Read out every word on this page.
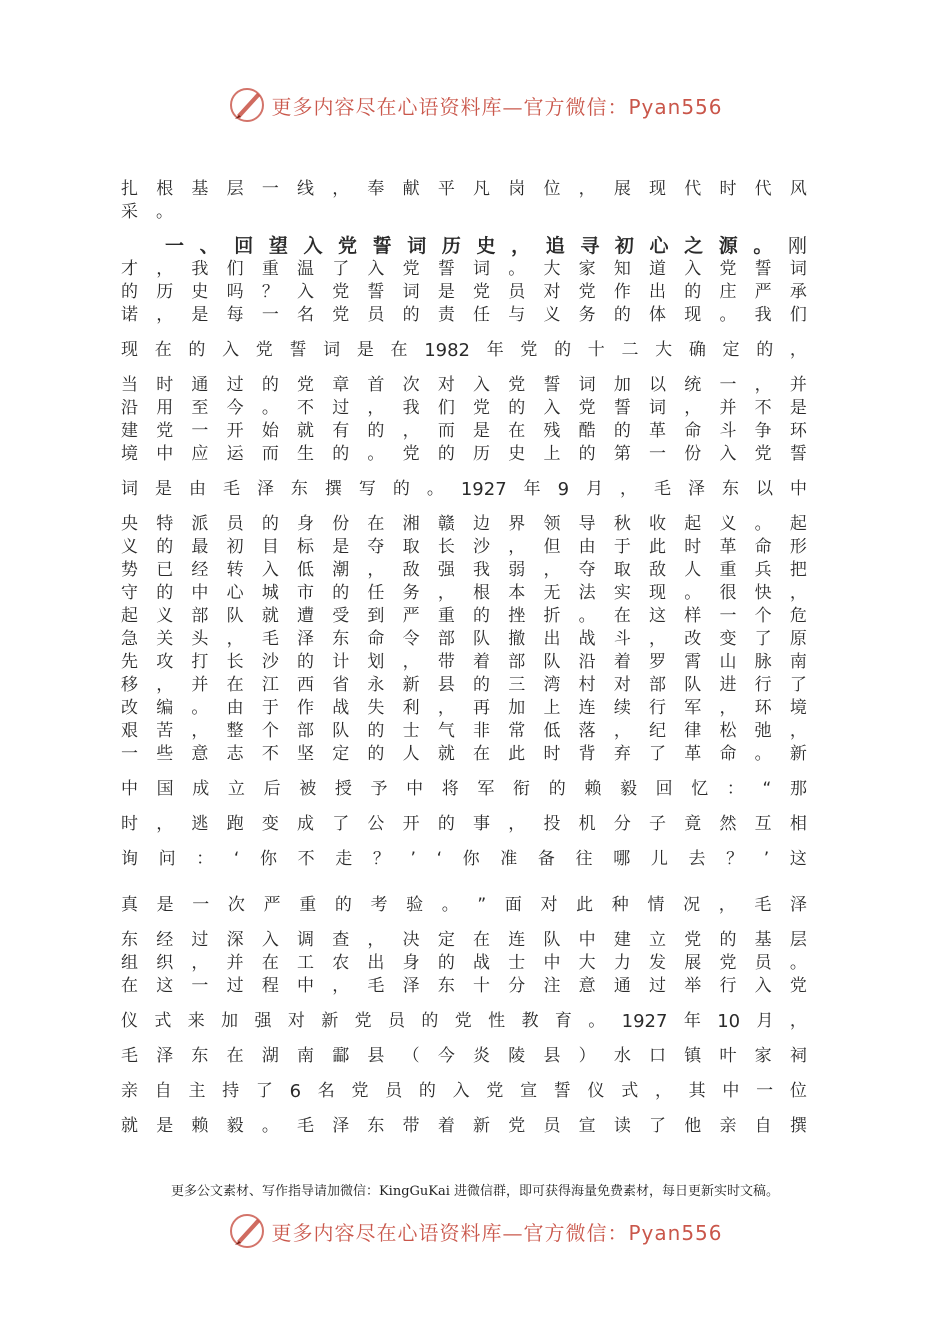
更多内容尽在心语资料库—官方微信：Pyan556
扎 根 基 层 一 线 ， 奉 献 平 凡 岗 位 ， 展 现 代 时 代 风
采 。
一 、 回 望 入 党 誓 词 历 史 ， 追 寻 初 心 之 源 。 刚
才 ， 我 们 重 温 了 入 党 誓 词 。 大 家 知 道 入 党 誓 词
的 历 史 吗 ？ 入 党 誓 词 是 党 员 对 党 作 出 的 庄 严 承
诺 ， 是 每 一 名 党 员 的 责 任 与 义 务 的 体 现 。 我 们
现 在 的 入 党 誓 词 是 在 1982 年 党 的 十 二 大 确 定 的 ，
当 时 通 过 的 党 章 首 次 对 入 党 誓 词 加 以 统 一 ， 并
沿 用 至 今 。 不 过 ， 我 们 党 的 入 党 誓 词 ， 并 不 是
建 党 一 开 始 就 有 的 ， 而 是 在 残 酷 的 革 命 斗 争 环
境 中 应 运 而 生 的 。 党 的 历 史 上 的 第 一 份 入 党 誓
词 是 由 毛 泽 东 撰 写 的 。 1927 年 9 月 ， 毛 泽 东 以 中
央 特 派 员 的 身 份 在 湘 赣 边 界 领 导 秋 收 起 义 。 起
义 的 最 初 目 标 是 夺 取 长 沙 ， 但 由 于 此 时 革 命 形
势 已 经 转 入 低 潮 ， 敌 强 我 弱 ， 夺 取 敌 人 重 兵 把
守 的 中 心 城 市 的 任 务 ， 根 本 无 法 实 现 。 很 快 ，
起 义 部 队 就 遭 受 到 严 重 的 挫 折 。 在 这 样 一 个 危
急 关 头 ， 毛 泽 东 命 令 部 队 撤 出 战 斗 ， 改 变 了 原
先 攻 打 长 沙 的 计 划 ， 带 着 部 队 沿 着 罗 霄 山 脉 南
移 ， 并 在 江 西 省 永 新 县 的 三 湾 村 对 部 队 进 行 了
改 编 。 由 于 作 战 失 利 ， 再 加 上 连 续 行 军 ， 环 境
艰 苦 ， 整 个 部 队 的 士 气 非 常 低 落 ， 纪 律 松 弛 ，
一 些 意 志 不 坚 定 的 人 就 在 此 时 背 弃 了 革 命 。 新
中 国 成 立 后 被 授 予 中 将 军 衔 的 赖 毅 回 忆 ： “ 那
时 ， 逃 跑 变 成 了 公 开 的 事 ， 投 机 分 子 竟 然 互 相
询 问 ： ‘ 你 不 走 ？ ’ ‘ 你 准 备 往 哪 儿 去 ？ ’ 这
真 是 一 次 严 重 的 考 验 。 ” 面 对 此 种 情 况 ， 毛 泽
东 经 过 深 入 调 查 ， 决 定 在 连 队 中 建 立 党 的 基 层
组 织 ， 并 在 工 农 出 身 的 战 士 中 大 力 发 展 党 员 。
在 这 一 过 程 中 ， 毛 泽 东 十 分 注 意 通 过 举 行 入 党
仪 式 来 加 强 对 新 党 员 的 党 性 教 育 。 1927 年 10 月 ，
毛 泽 东 在 湖 南 酃 县 （ 今 炎 陵 县 ） 水 口 镇 叶 家 祠
亲 自 主 持 了 6 名 党 员 的 入 党 宣 誓 仪 式 ， 其 中 一 位
就 是 赖 毅 。 毛 泽 东 带 着 新 党 员 宣 读 了 他 亲 自 撰
更多公文素材、写作指导请加微信：KingGuKai 进微信群，即可获得海量免费素材，每日更新实时文稿。
更多内容尽在心语资料库—官方微信：Pyan556
